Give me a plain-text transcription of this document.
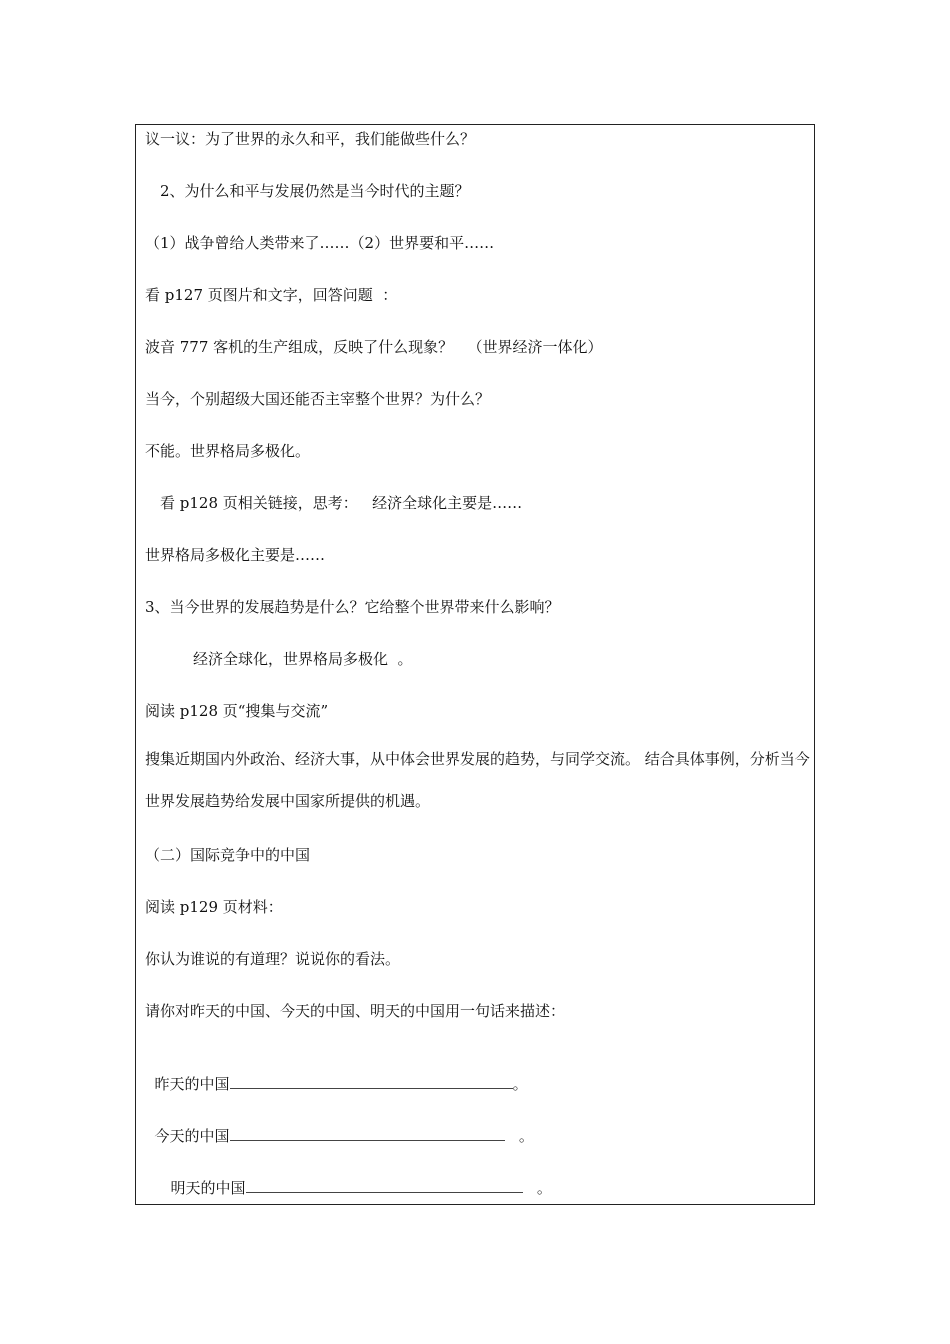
议一议：为了世界的永久和平，我们能做些什么？
2、为什么和平与发展仍然是当今时代的主题？
（1）战争曾给人类带来了……（2）世界要和平……
看 p127 页图片和文字，回答问题  ：
波音 777 客机的生产组成，反映了什么现象？   （世界经济一体化）
当今，个别超级大国还能否主宰整个世界？为什么？
不能。世界格局多极化。
看 p128 页相关链接，思考：   经济全球化主要是……
世界格局多极化主要是……
3、当今世界的发展趋势是什么？它给整个世界带来什么影响？
经济全球化，世界格局多极化  。
阅读 p128 页“搜集与交流”
搜集近期国内外政治、经济大事，从中体会世界发展的趋势，与同学交流。 结合具体事例，分析当今世界发展趋势给发展中国家所提供的机遇。
（二）国际竞争中的中国
阅读 p129 页材料：
你认为谁说的有道理？说说你的看法。
请你对昨天的中国、今天的中国、明天的中国用一句话来描述：

昨天的中国	。

今天的中国	。

明天的中国	。
